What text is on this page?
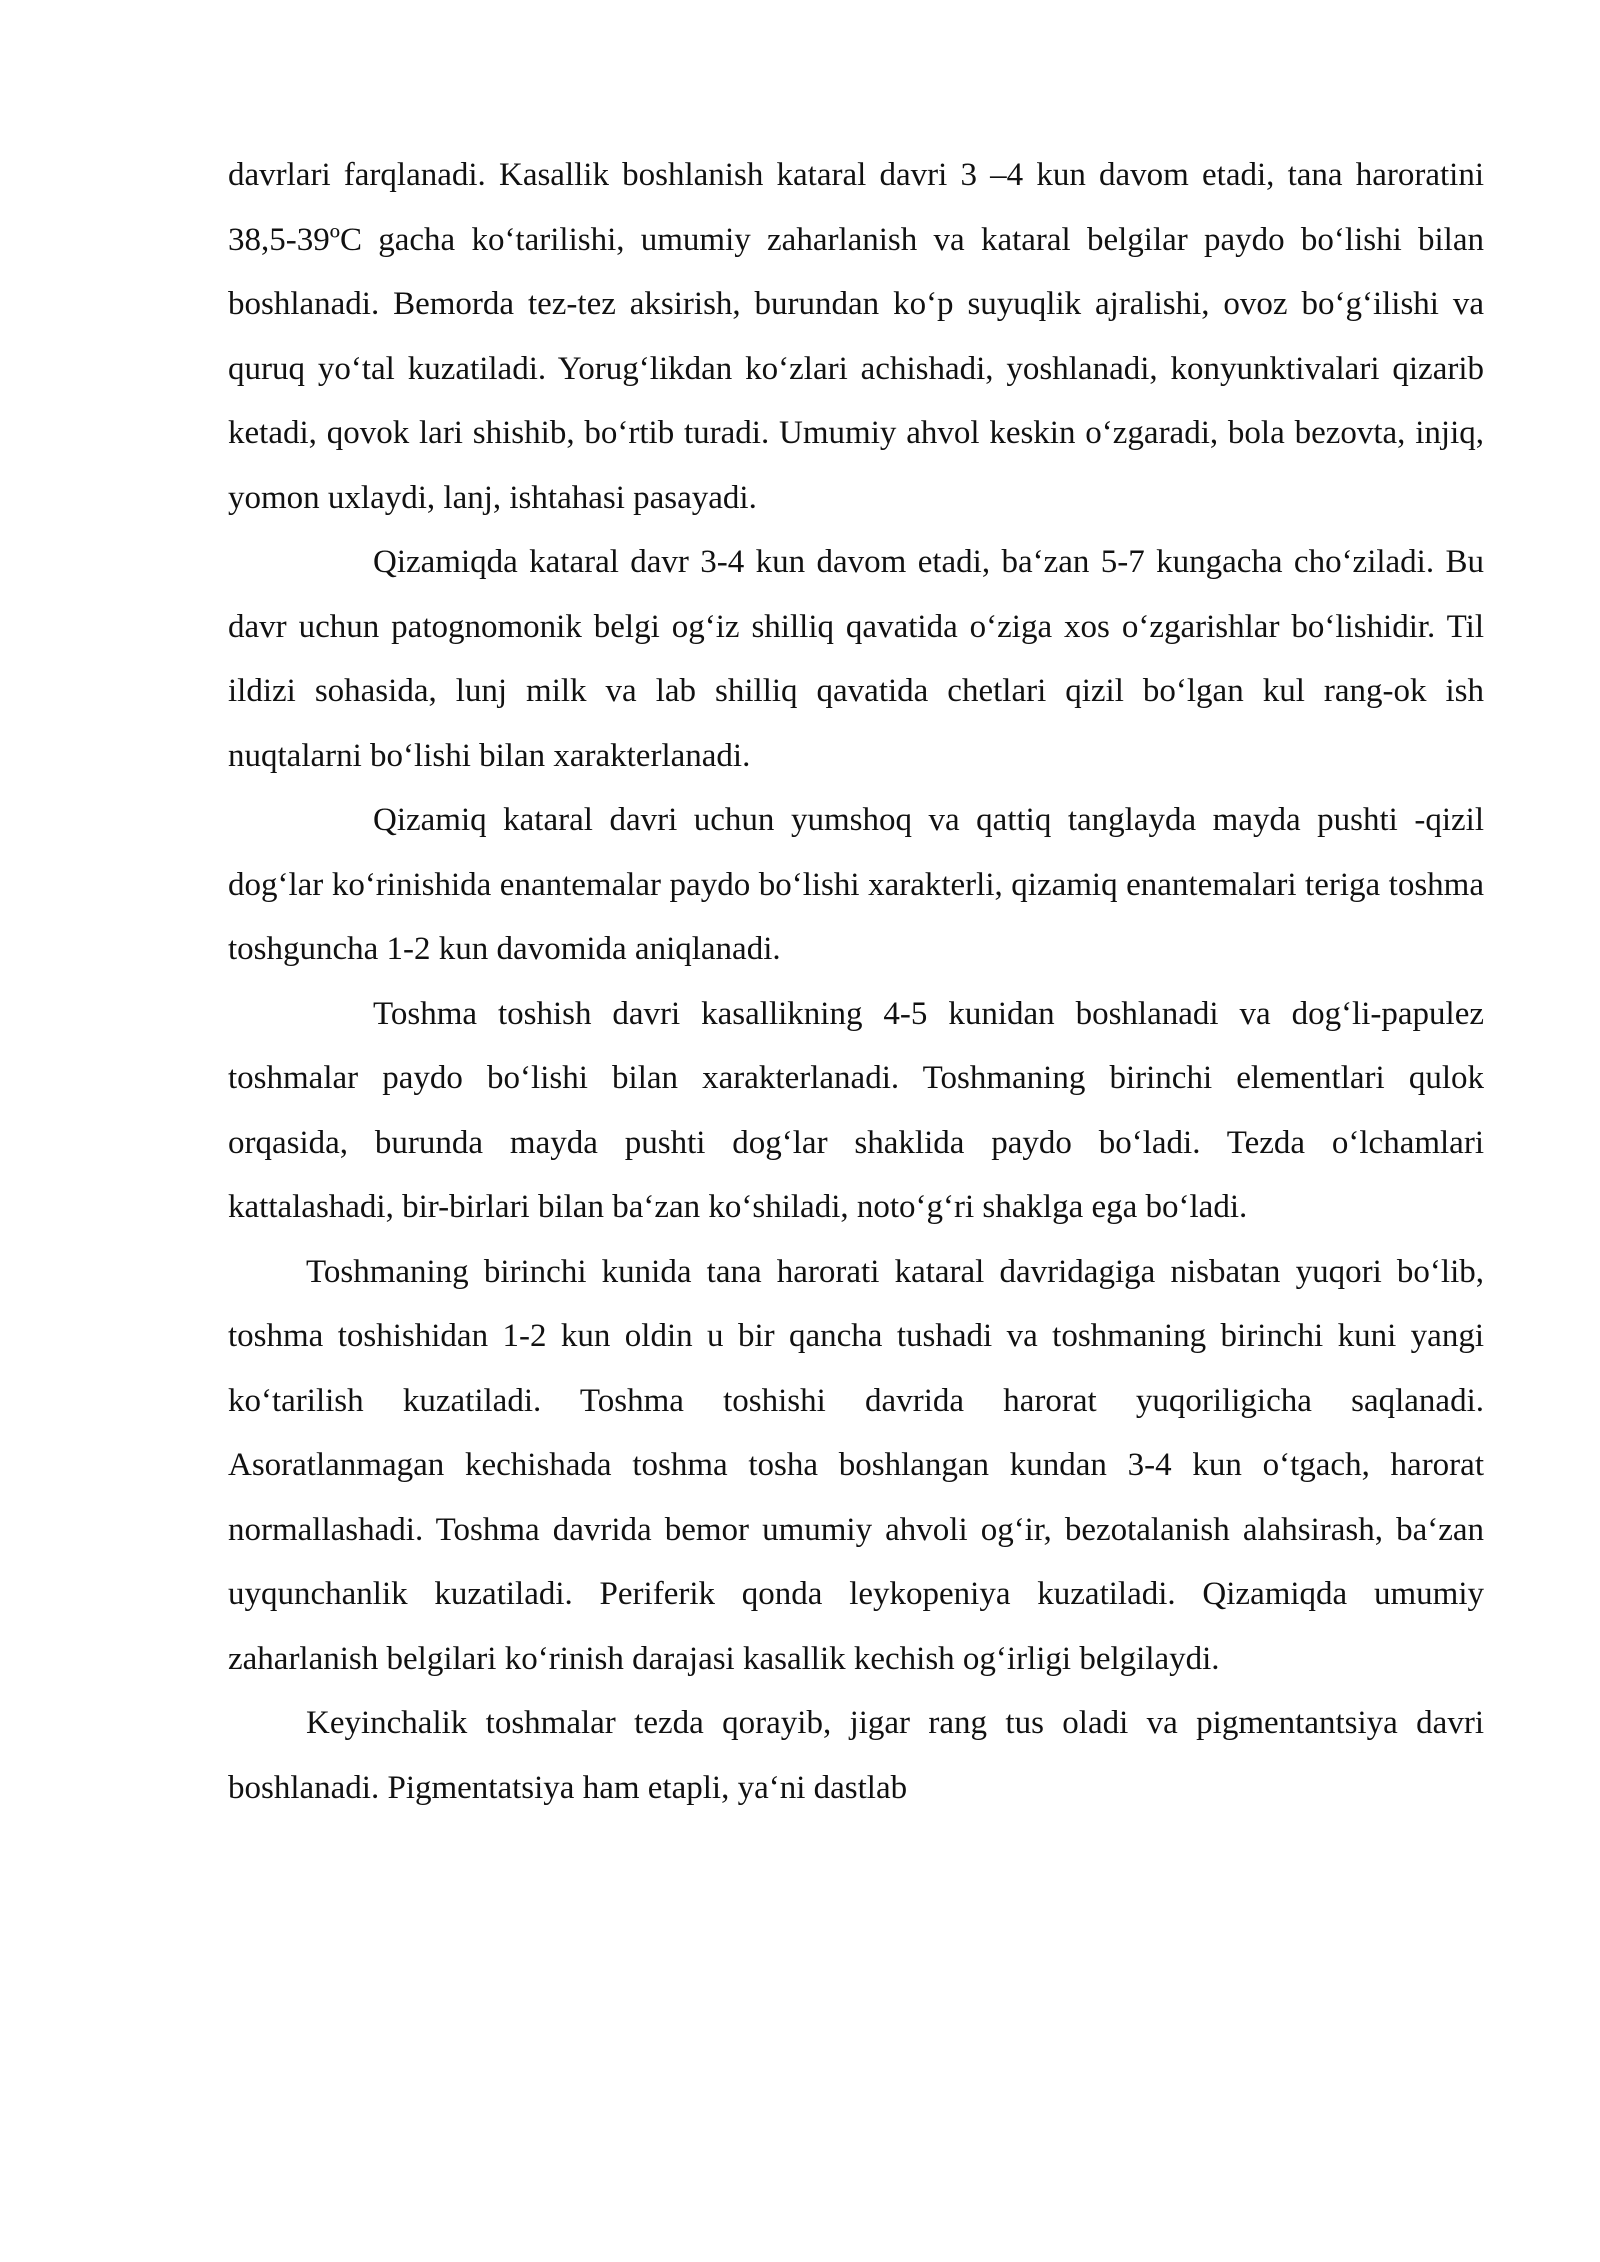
davrlari farqlanadi. Kasallik boshlanish kataral davri 3 –4 kun davom etadi, tana haroratini 38,5-39ºC gacha ko‘tarilishi, umumiy zaharlanish va kataral belgilar paydo bo‘lishi bilan boshlanadi. Bemorda tez-tez aksirish, burundan ko‘p suyuqlik ajralishi, ovoz bo‘g‘ilishi va quruq yo‘tal kuzatiladi. Yorug‘likdan ko‘zlari achishadi, yoshlanadi, konyunktivalari qizarib ketadi, qovok lari shishib, bo‘rtib turadi. Umumiy ahvol keskin o‘zgaradi, bola bezovta, injiq, yomon uxlaydi, lanj, ishtahasi pasayadi.

Qizamiqda kataral davr 3-4 kun davom etadi, ba‘zan 5-7 kungacha cho‘ziladi. Bu davr uchun patognomonik belgi og‘iz shilliq qavatida o‘ziga xos o‘zgarishlar bo‘lishidir. Til ildizi sohasida, lunj milk va lab shilliq qavatida chetlari qizil bo‘lgan kul rang-ok ish nuqtalarni bo‘lishi bilan xarakterlanadi.

Qizamiq kataral davri uchun yumshoq va qattiq tanglayda mayda pushti -qizil dog‘lar ko‘rinishida enantemalar paydo bo‘lishi xarakterli, qizamiq enantemalari teriga toshma toshguncha 1-2 kun davomida aniqlanadi.

Toshma toshish davri kasallikning 4-5 kunidan boshlanadi va dog‘li-papulez toshmalar paydo bo‘lishi bilan xarakterlanadi. Toshmaning birinchi elementlari qulok orqasida, burunda mayda pushti dog‘lar shaklida paydo bo‘ladi. Tezda o‘lchamlari kattalashadi, bir-birlari bilan ba‘zan ko‘shiladi, noto‘g‘ri shaklga ega bo‘ladi.

Toshmaning birinchi kunida tana harorati kataral davridagiga nisbatan yuqori bo‘lib, toshma toshishidan 1-2 kun oldin u bir qancha tushadi va toshmaning birinchi kuni yangi ko‘tarilish kuzatiladi. Toshma toshishi davrida harorat yuqoriligicha saqlanadi. Asoratlanmagan kechishada toshma tosha boshlangan kundan 3-4 kun o‘tgach, harorat normallashadi. Toshma davrida bemor umumiy ahvoli og‘ir, bezotalanish alahsirash, ba‘zan uyqunchanlik kuzatiladi. Periferik qonda leykopeniya kuzatiladi. Qizamiqda umumiy zaharlanish belgilari ko‘rinish darajasi kasallik kechish og‘irligi belgilaydi.

Keyinchalik toshmalar tezda qorayib, jigar rang tus oladi va pigmentantsiya davri boshlanadi. Pigmentatsiya ham etapli, ya‘ni dastlab
